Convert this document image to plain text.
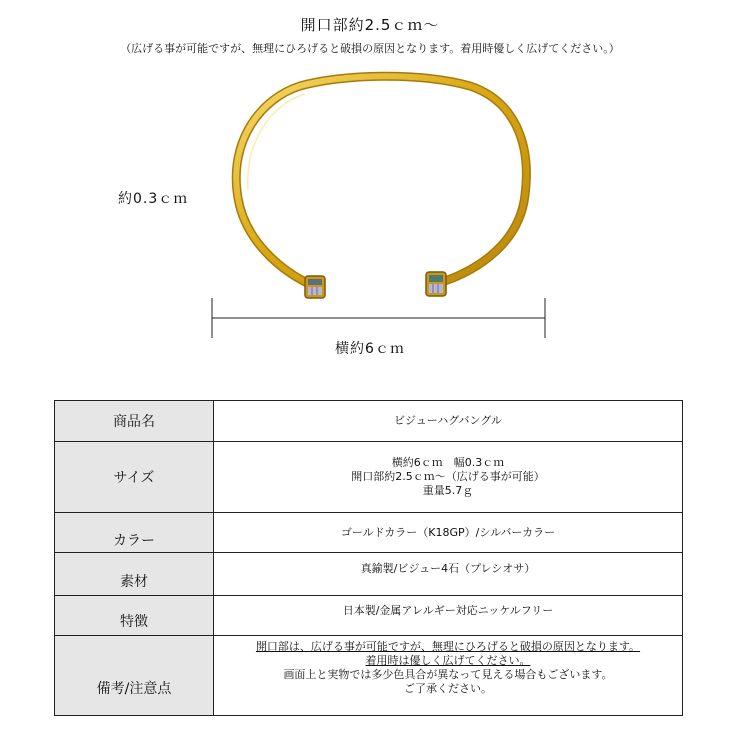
開口部約2.5ｃｍ～
（広げる事が可能ですが、無理にひろげると破損の原因となります。着用時優しく広げてください。）
約0.3ｃｍ
横約6ｃｍ
商品名	ビジューハグバングル
サイズ	横約6ｃｍ　幅0.3ｃｍ
開口部約2.5ｃｍ～（広げる事が可能）
重量5.7ｇ

カラー	ゴールドカラー（K18GP）/シルバーカラー

素材	真鍮製/ビジュー4石（プレシオサ）

特徴	日本製/金属アレルギー対応ニッケルフリー

備考/注意点	開口部は、広げる事が可能ですが、無理にひろげると破損の原因となります。
着用時は優しく広げてください。
画面上と実物では多少色具合が異なって見える場合もございます。
ご了承ください。
